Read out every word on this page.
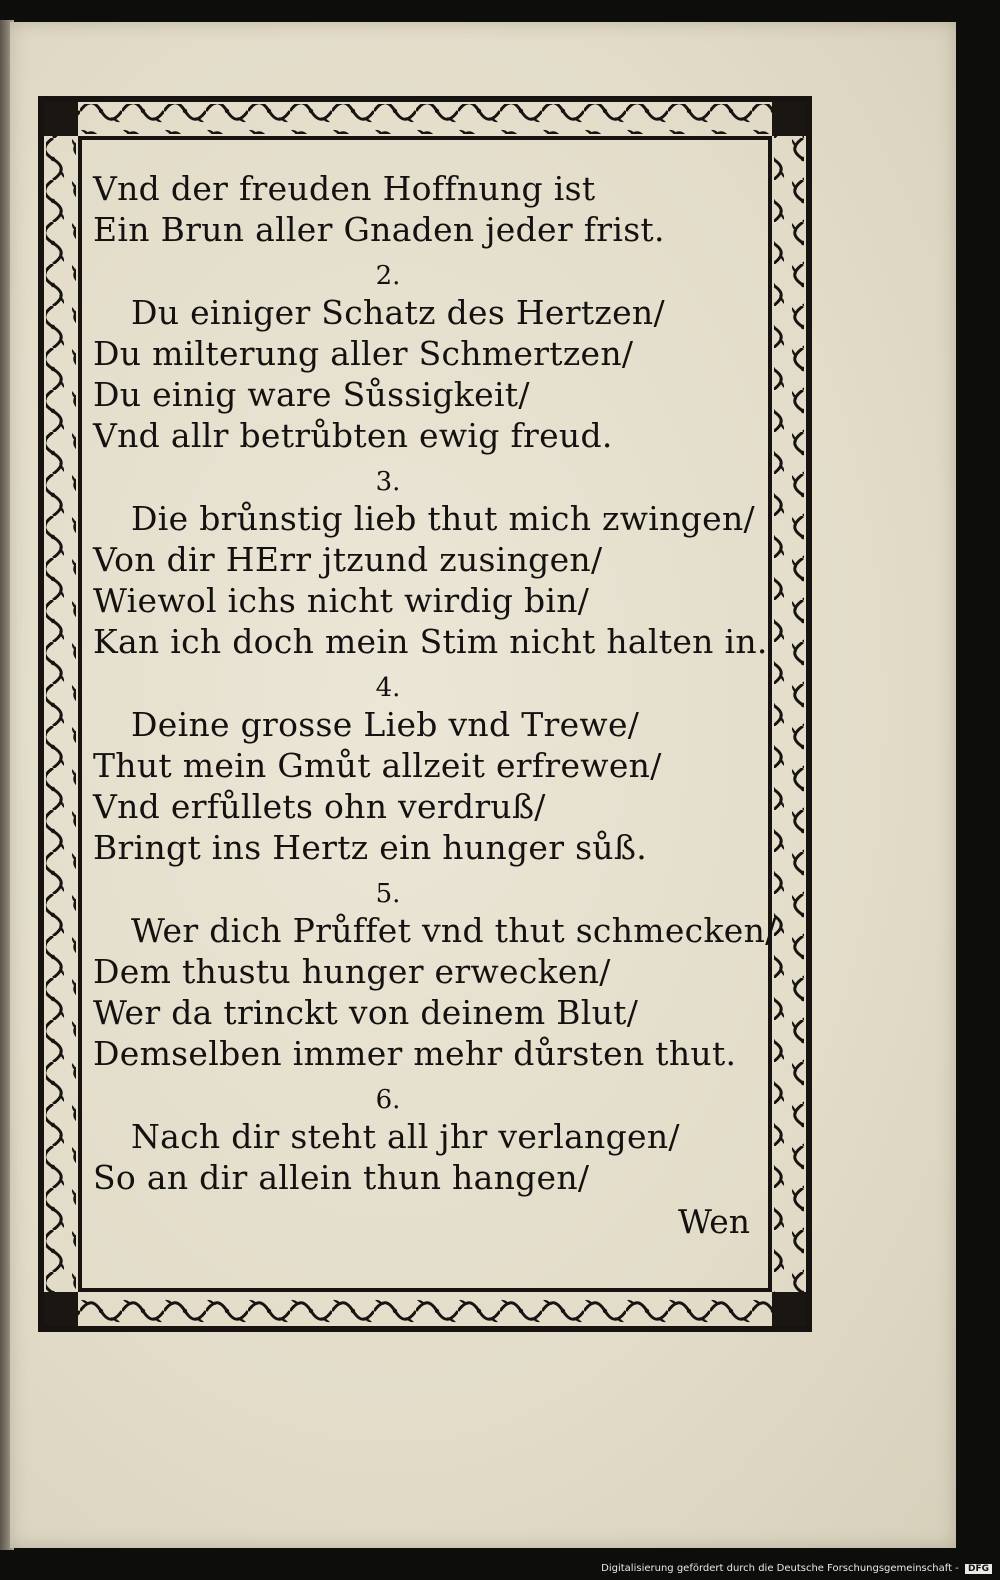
Vnd der freuden Hoffnung ist
Ein Brun aller Gnaden jeder frist.
2.
Du einiger Schatz des Hertzen/
Du milterung aller Schmertzen/
Du einig ware Sůssigkeit/
Vnd allr betrůbten ewig freud.
3.
Die brůnstig lieb thut mich zwingen/
Von dir HErr jtzund zusingen/
Wiewol ichs nicht wirdig bin/
Kan ich doch mein Stim nicht halten in.
4.
Deine grosse Lieb vnd Trewe/
Thut mein Gmůt allzeit erfrewen/
Vnd erfůllets ohn verdruß/
Bringt ins Hertz ein hunger sůß.
5.
Wer dich Průffet vnd thut schmecken/
Dem thustu hunger erwecken/
Wer da trinckt von deinem Blut/
Demselben immer mehr důrsten thut.
6.
Nach dir steht all jhr verlangen/
So an dir allein thun hangen/
Wen
Digitalisierung gefördert durch die Deutsche Forschungsgemeinschaft - DFG
